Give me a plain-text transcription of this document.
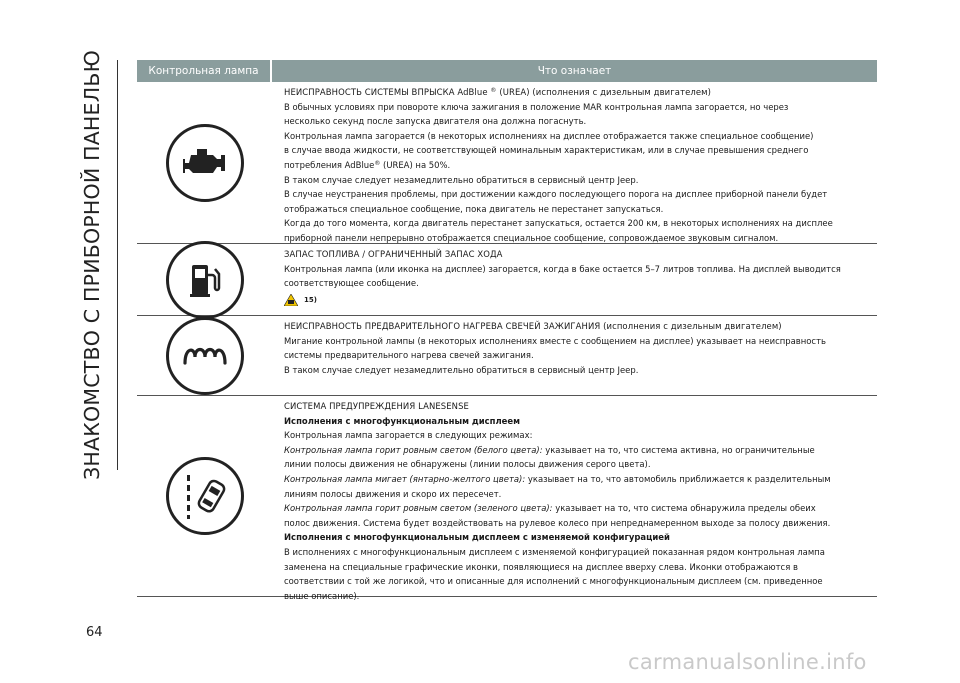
ЗНАКОМСТВО С ПРИБОРНОЙ ПАНЕЛЬЮ	Контрольная лампа	Что означает

НЕИСПРАВНОСТЬ СИСТЕМЫ ВПРЫСКА AdBlue ® (UREA) (исполнения с дизельным двигателем)

В обычных условиях при повороте ключа зажигания в положение MAR контрольная лампа загорается, но через

несколько секунд после запуска двигателя она должна погаснуть.

Контрольная лампа загорается (в некоторых исполнениях на дисплее отображается также специальное сообщение)

в случае ввода жидкости, не соответствующей номинальным характеристикам, или в случае превышения среднего

потребления AdBlue® (UREA) на 50%.

В таком случае следует незамедлительно обратиться в сервисный центр Jeep.

В случае неустранения проблемы, при достижении каждого последующего порога на дисплее приборной панели будет

отображаться специальное сообщение, пока двигатель не перестанет запускаться.

Когда до того момента, когда двигатель перестанет запускаться, остается 200 км, в некоторых исполнениях на дисплее

приборной панели непрерывно отображается специальное сообщение, сопровождаемое звуковым сигналом.

ЗАПАС ТОПЛИВА / ОГРАНИЧЕННЫЙ ЗАПАС ХОДА

Контрольная лампа (или иконка на дисплее) загорается, когда в баке остается 5–7 литров топлива. На дисплей выводится

соответствующее сообщение.

15)

НЕИСПРАВНОСТЬ ПРЕДВАРИТЕЛЬНОГО НАГРЕВА СВЕЧЕЙ ЗАЖИГАНИЯ (исполнения с дизельным двигателем)

Мигание контрольной лампы (в некоторых исполнениях вместе с сообщением на дисплее) указывает на неисправность

системы предварительного нагрева свечей зажигания.

В таком случае следует незамедлительно обратиться в сервисный центр Jeep.

СИСТЕМА ПРЕДУПРЕЖДЕНИЯ LANESENSE

Исполнения с многофункциональным дисплеем

Контрольная лампа загорается в следующих режимах:

Контрольная лампа горит ровным светом (белого цвета): указывает на то, что система активна, но ограничительные

линии полосы движения не обнаружены (линии полосы движения серого цвета).

Контрольная лампа мигает (янтарно-желтого цвета): указывает на то, что автомобиль приближается к разделительным

линиям полосы движения и скоро их пересечет.

Контрольная лампа горит ровным светом (зеленого цвета): указывает на то, что система обнаружила пределы обеих

полос движения. Система будет воздействовать на рулевое колесо при непреднамеренном выходе за полосу движения.

Исполнения с многофункциональным дисплеем с изменяемой конфигурацией

В исполнениях с многофункциональным дисплеем с изменяемой конфигурацией показанная рядом контрольная лампа

заменена на специальные графические иконки, появляющиеся на дисплее вверху слева. Иконки отображаются в

соответствии с той же логикой, что и описанные для исполнений с многофункциональным дисплеем (см. приведенное

выше описание).

64
carmanualsonline.info
